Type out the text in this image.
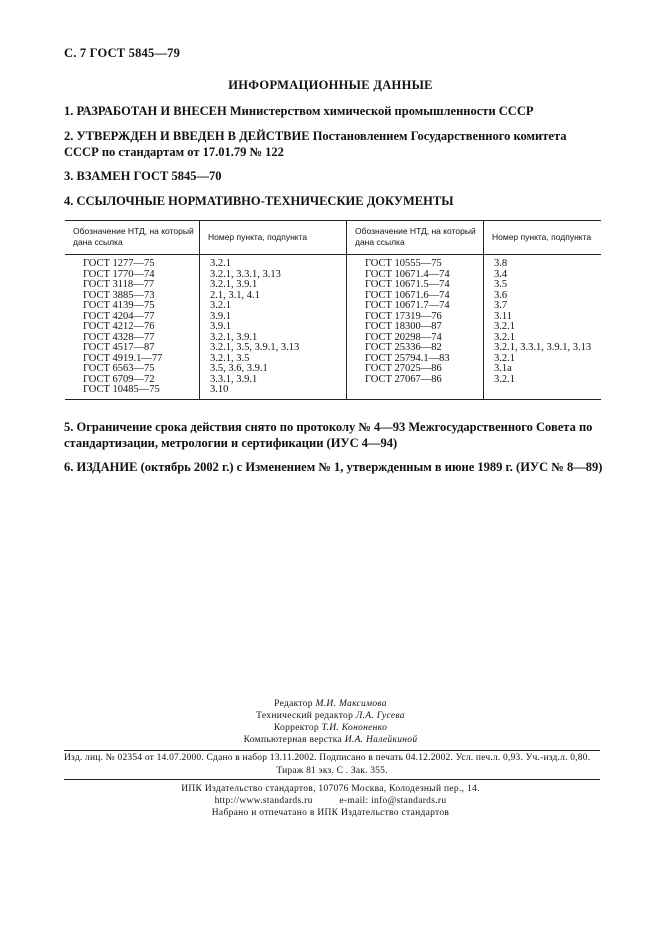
С. 7 ГОСТ 5845—79
ИНФОРМАЦИОННЫЕ ДАННЫЕ
1. РАЗРАБОТАН И ВНЕСЕН Министерством химической промышленности СССР
2. УТВЕРЖДЕН И ВВЕДЕН В ДЕЙСТВИЕ Постановлением Государственного комитета СССР по стандартам от 17.01.79 № 122
3. ВЗАМЕН ГОСТ 5845—70
4. ССЫЛОЧНЫЕ НОРМАТИВНО-ТЕХНИЧЕСКИЕ ДОКУМЕНТЫ
Обозначение НТД, на который дана ссылка	Номер пункта, подпункта	Обозначение НТД, на который дана ссылка	Номер пункта, подпункта
ГОСТ 1277—75	3.2.1	ГОСТ 10555—75	3.8
ГОСТ 1770—74	3.2.1, 3.3.1, 3.13	ГОСТ 10671.4—74	3.4
ГОСТ 3118—77	3.2.1, 3.9.1	ГОСТ 10671.5—74	3.5
ГОСТ 3885—73	2.1, 3.1, 4.1	ГОСТ 10671.6—74	3.6
ГОСТ 4139—75	3.2.1	ГОСТ 10671.7—74	3.7
ГОСТ 4204—77	3.9.1	ГОСТ 17319—76	3.11
ГОСТ 4212—76	3.9.1	ГОСТ 18300—87	3.2.1
ГОСТ 4328—77	3.2.1, 3.9.1	ГОСТ 20298—74	3.2.1
ГОСТ 4517—87	3.2.1, 3.5, 3.9.1, 3.13	ГОСТ 25336—82	3.2.1, 3.3.1, 3.9.1, 3.13
ГОСТ 4919.1—77	3.2.1, 3.5	ГОСТ 25794.1—83	3.2.1
ГОСТ 6563—75	3.5, 3.6, 3.9.1	ГОСТ 27025—86	3.1а
ГОСТ 6709—72	3.3.1, 3.9.1	ГОСТ 27067—86	3.2.1
ГОСТ 10485—75	3.10		
5. Ограничение срока действия снято по протоколу № 4—93 Межгосударственного Совета по стандартизации, метрологии и сертификации (ИУС 4—94)
6. ИЗДАНИЕ (октябрь 2002 г.) с Изменением № 1, утвержденным в июне 1989 г. (ИУС № 8—89)
Редактор М.И. Максимова
Технический редактор Л.А. Гусева
Корректор Т.И. Кононенко
Компьютерная верстка И.А. Налейкиной
Изд. лиц. № 02354 от 14.07.2000. Сдано в набор 13.11.2002. Подписано в печать 04.12.2002. Усл. печ.л. 0,93. Уч.-изд.л. 0,80.
Тираж 81 экз. С . Зак. 355.
ИПК Издательство стандартов, 107076 Москва, Колодезный пер., 14.
http://www.standards.ru          e-mail: info@standards.ru
Набрано и отпечатано в ИПК Издательство стандартов
